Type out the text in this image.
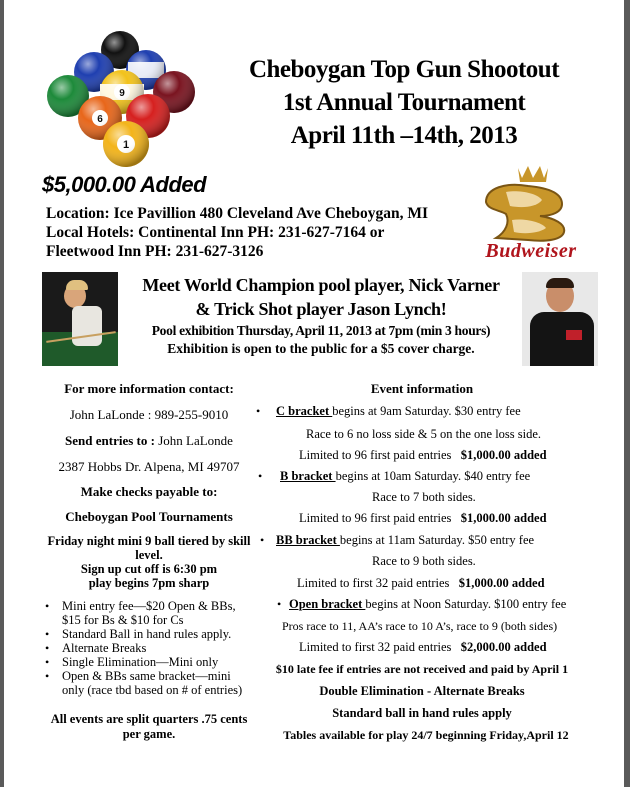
Cheboygan Top Gun Shootout
1st Annual Tournament
April 11th –14th, 2013
$5,000.00 Added
Location: Ice Pavillion 480 Cleveland Ave Cheboygan, MI
Local Hotels: Continental Inn PH: 231-627-7164 or
Fleetwood Inn PH: 231-627-3126	Budweiser
Meet World Champion pool player, Nick Varner
& Trick Shot player Jason Lynch!
Pool exhibition Thursday, April 11, 2013 at 7pm (min 3 hours)
Exhibition is open to the public for a $5 cover charge.
For more information contact:
John LaLonde : 989-255-9010
Send entries to : John LaLonde
2387 Hobbs Dr. Alpena, MI 49707
Make checks payable to:
Cheboygan Pool Tournaments
Friday night mini 9 ball tiered by skill
level.
Sign up cut off is 6:30 pm
play begins 7pm sharp
• Mini entry fee—$20 Open & BBs,
$15 for Bs & $10 for Cs
• Standard Ball in hand rules apply.
• Alternate Breaks
• Single Elimination—Mini only
• Open & BBs same bracket—mini
only (race tbd based on # of entries)
All events are split quarters .75 cents
per game.
Event information
• C bracket begins at 9am Saturday. $30 entry fee
Race to 6 no loss side & 5 on the one loss side.
Limited to 96 first paid entries $1,000.00 added
• B bracket begins at 10am Saturday. $40 entry fee
Race to 7 both sides.
Limited to 96 first paid entries $1,000.00 added
• BB bracket begins at 11am Saturday. $50 entry fee
Race to 9 both sides.
Limited to first 32 paid entries $1,000.00 added
• Open bracket begins at Noon Saturday. $100 entry fee
Pros race to 11, AA’s race to 10 A’s, race to 9 (both sides)
Limited to first 32 paid entries $2,000.00 added
$10 late fee if entries are not received and paid by April 1
Double Elimination - Alternate Breaks
Standard ball in hand rules apply
Tables available for play 24/7 beginning Friday,April 12
